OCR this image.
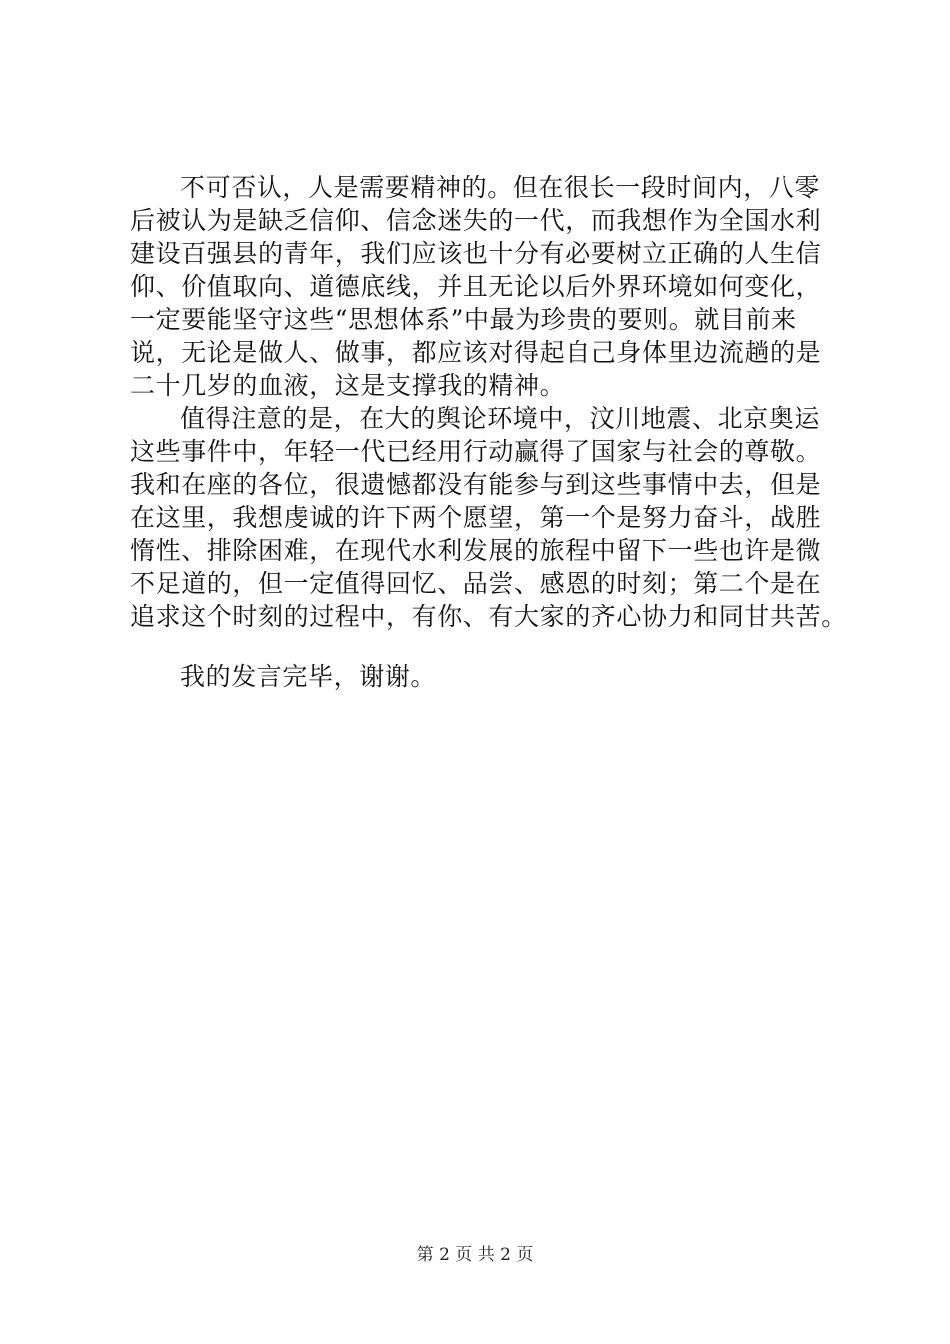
不可否认，人是需要精神的。但在很长一段时间内，八零
后被认为是缺乏信仰、信念迷失的一代，而我想作为全国水利
建设百强县的青年，我们应该也十分有必要树立正确的人生信
仰、价值取向、道德底线，并且无论以后外界环境如何变化，
一定要能坚守这些“思想体系”中最为珍贵的要则。就目前来
说，无论是做人、做事，都应该对得起自己身体里边流趟的是
二十几岁的血液，这是支撑我的精神。
值得注意的是，在大的舆论环境中，汶川地震、北京奥运
这些事件中，年轻一代已经用行动赢得了国家与社会的尊敬。
我和在座的各位，很遗憾都没有能参与到这些事情中去，但是
在这里，我想虔诚的许下两个愿望，第一个是努力奋斗，战胜
惰性、排除困难，在现代水利发展的旅程中留下一些也许是微
不足道的，但一定值得回忆、品尝、感恩的时刻；第二个是在
追求这个时刻的过程中，有你、有大家的齐心协力和同甘共苦。
我的发言完毕，谢谢。
第 2 页 共 2 页
